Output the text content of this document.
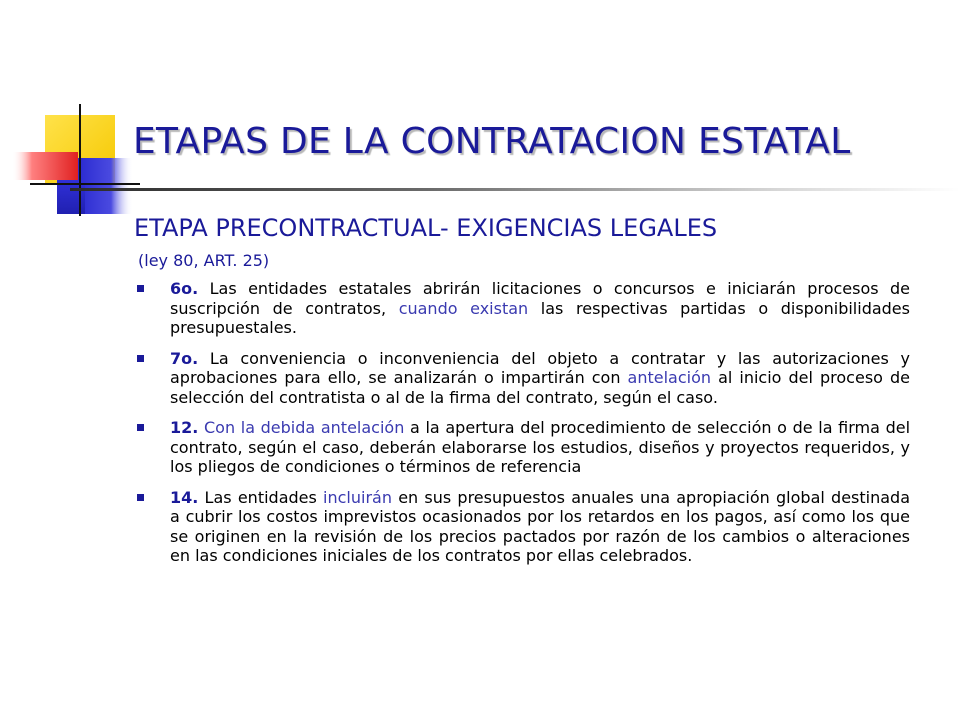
ETAPAS DE LA CONTRATACION ESTATAL
ETAPA PRECONTRACTUAL- EXIGENCIAS LEGALES
(ley 80, ART. 25)
6o. Las entidades estatales abrirán licitaciones o concursos e iniciarán procesos de suscripción de contratos, cuando existan las respectivas partidas o disponibilidades presupuestales.
7o. La conveniencia o inconveniencia del objeto a contratar y las autorizaciones y aprobaciones para ello, se analizarán o impartirán con antelación al inicio del proceso de selección del contratista o al de la firma del contrato, según el caso.
12. Con la debida antelación a la apertura del procedimiento de selección o de la firma del contrato, según el caso, deberán elaborarse los estudios, diseños y proyectos requeridos, y los pliegos de condiciones o términos de referencia
14. Las entidades incluirán en sus presupuestos anuales una apropiación global destinada a cubrir los costos imprevistos ocasionados por los retardos en los pagos, así como los que se originen en la revisión de los precios pactados por razón de los cambios o alteraciones en las condiciones iniciales de los contratos por ellas celebrados.
